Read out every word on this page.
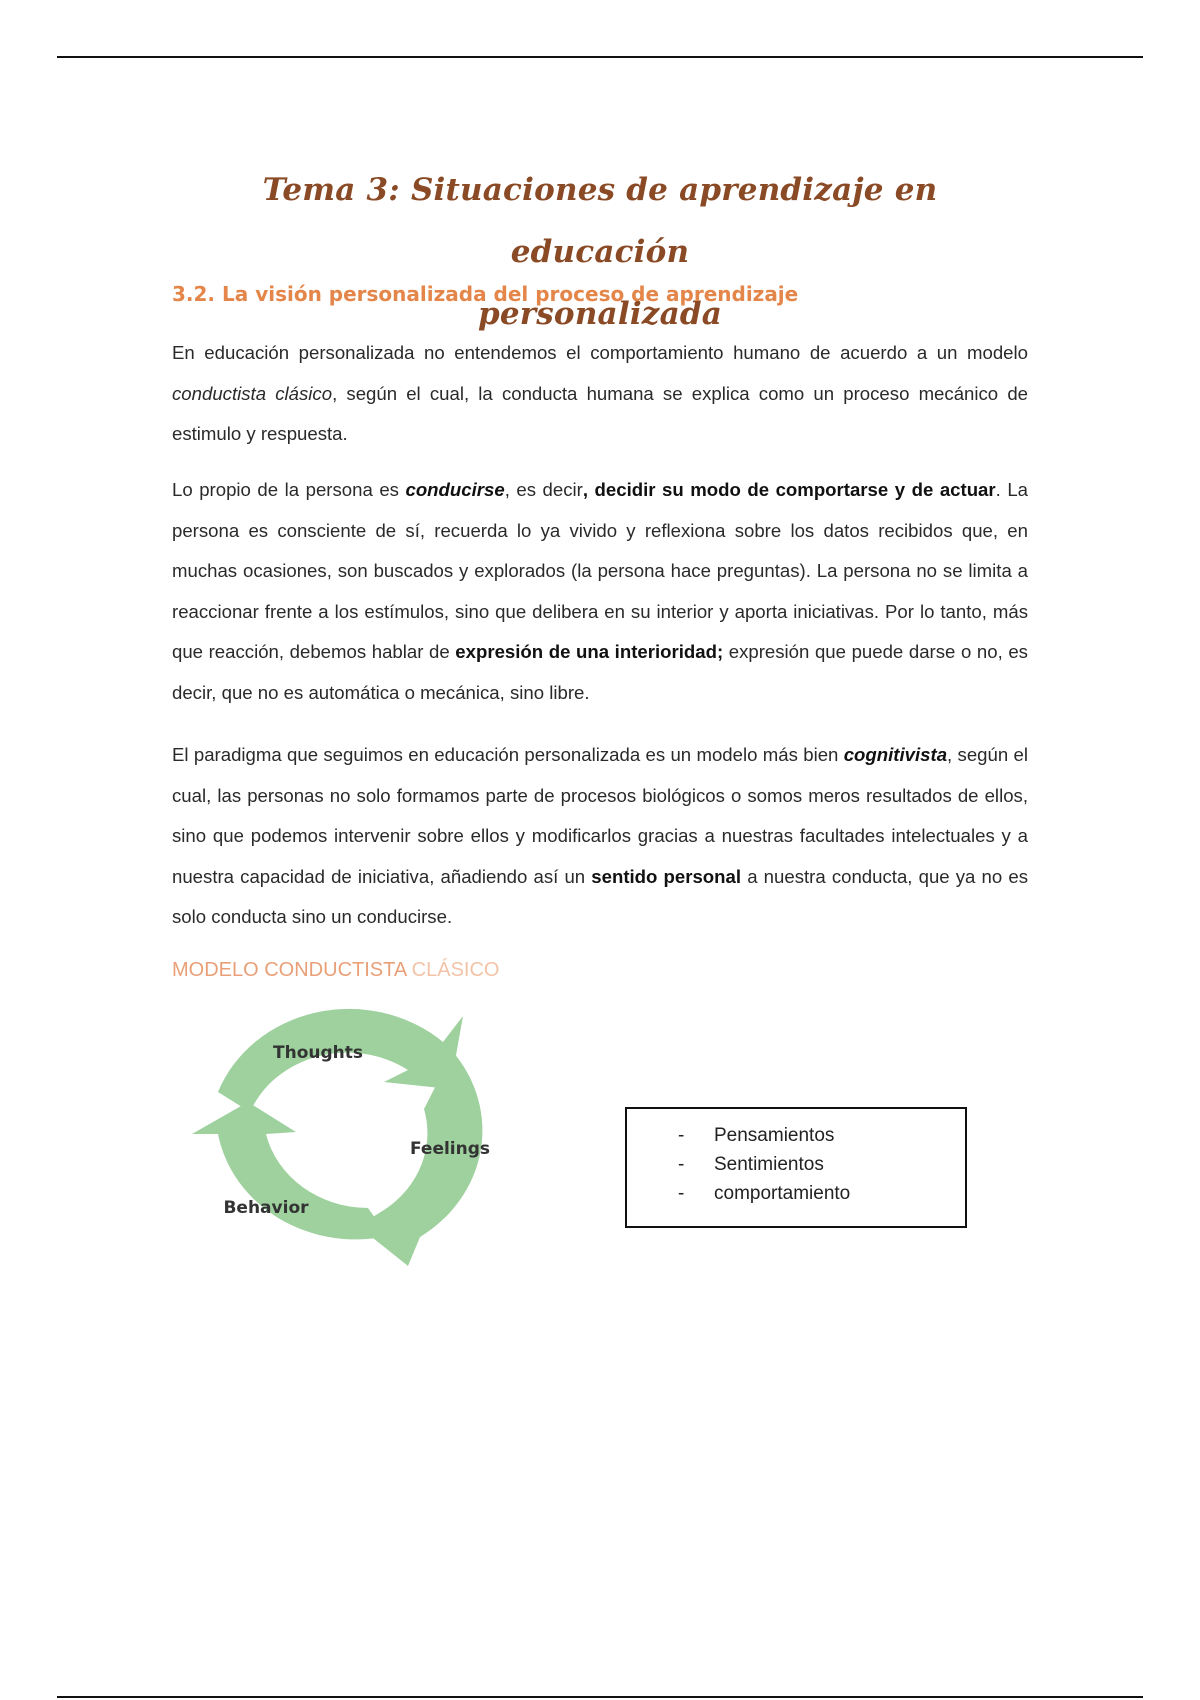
Tema 3: Situaciones de aprendizaje en educación
personalizada
3.2. La visión personalizada del proceso de aprendizaje

En educación personalizada no entendemos el comportamiento humano de acuerdo a un modelo conductista clásico, según el cual, la conducta humana se explica como un proceso mecánico de estimulo y respuesta.

Lo propio de la persona es conducirse, es decir, decidir su modo de comportarse y de actuar. La persona es consciente de sí, recuerda lo ya vivido y reflexiona sobre los datos recibidos que, en muchas ocasiones, son buscados y explorados (la persona hace preguntas). La persona no se limita a reaccionar frente a los estímulos, sino que delibera en su interior y aporta iniciativas. Por lo tanto, más que reacción, debemos hablar de expresión de una interioridad; expresión que puede darse o no, es decir, que no es automática o mecánica, sino libre.

El paradigma que seguimos en educación personalizada es un modelo más bien cognitivista, según el cual, las personas no solo formamos parte de procesos biológicos o somos meros resultados de ellos, sino que podemos intervenir sobre ellos y modificarlos gracias a nuestras facultades intelectuales y a nuestra capacidad de iniciativa, añadiendo así un sentido personal a nuestra conducta, que ya no es solo conducta sino un conducirse.

MODELO CONDUCTISTA CLÁSICO
Thoughts
Feelings
Behavior
- Pensamientos
- Sentimientos
- comportamiento
